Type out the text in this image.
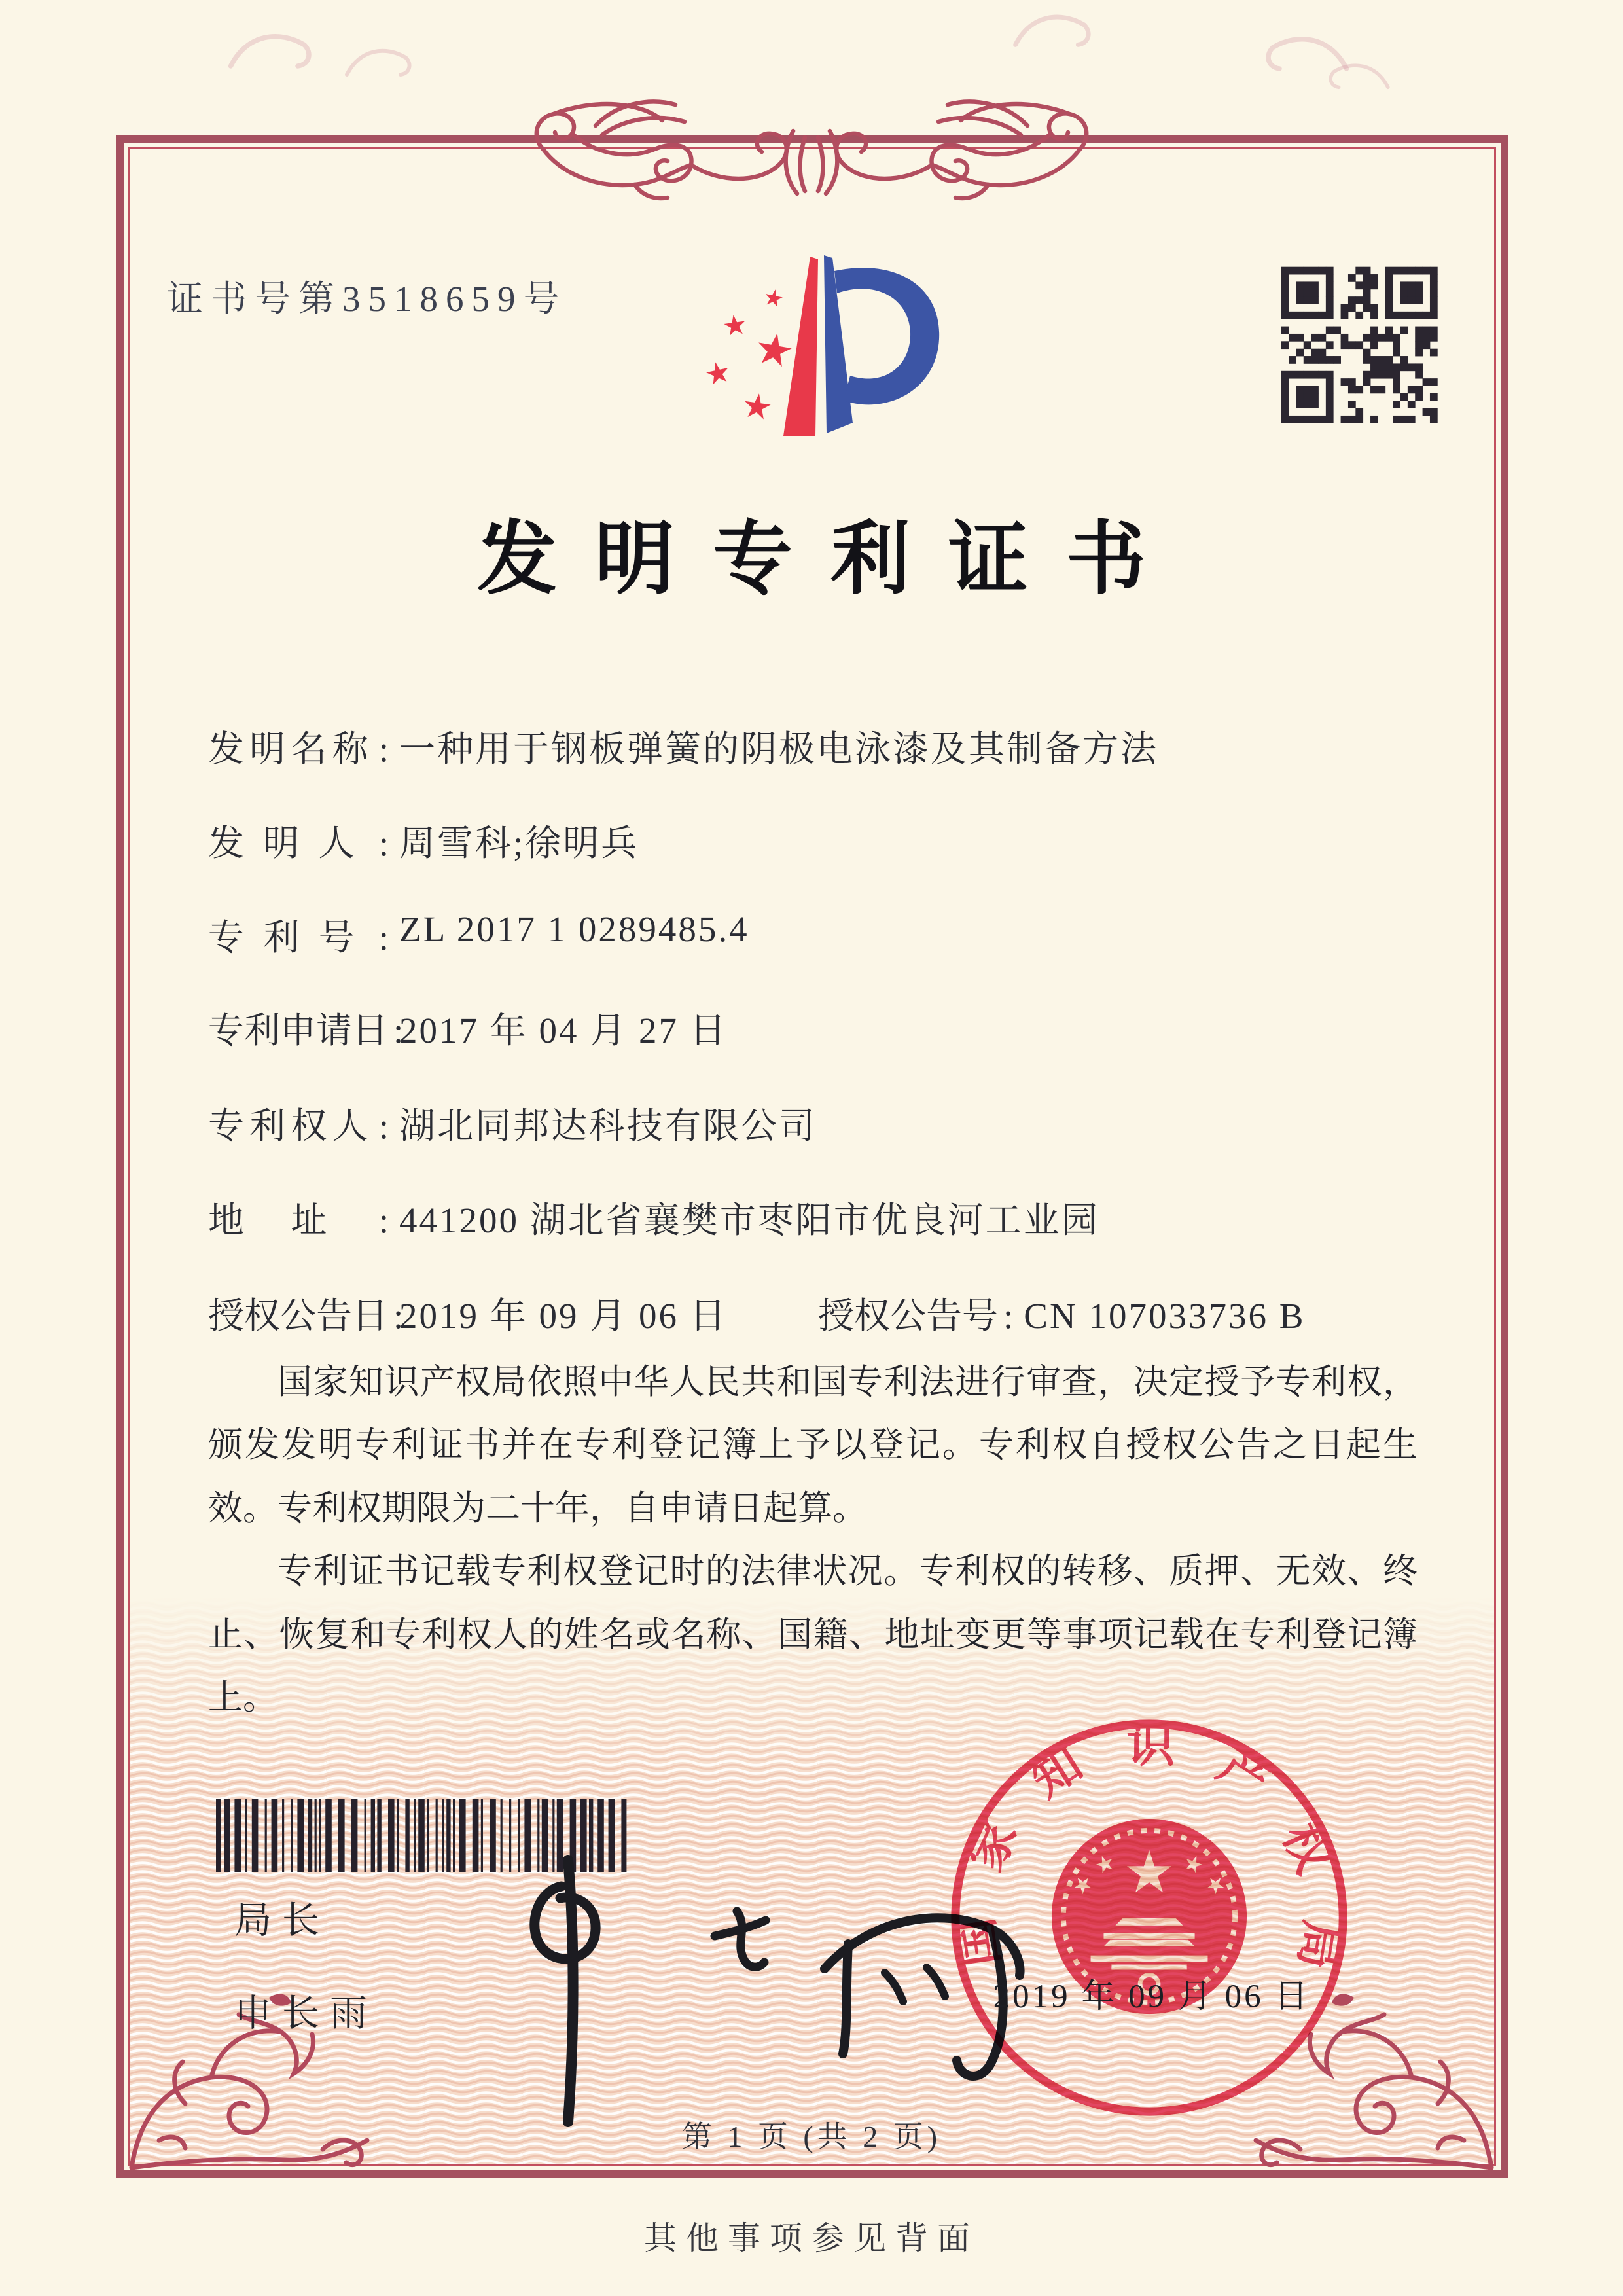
证书号第3518659号
发明专利证书
发明名称 : 一种用于钢板弹簧的阴极电泳漆及其制备方法
发明人 : 周雪科;徐明兵
专利号 : ZL 2017 1 0289485.4
专利申请日 : 2017 年 04 月 27 日
专利权人 : 湖北同邦达科技有限公司
地址 : 441200 湖北省襄樊市枣阳市优良河工业园
授权公告日 : 2019 年 09 月 06 日	授权公告号 : CN 107033736 B

国家知识产权局依照中华人民共和国专利法进行审查，决定授予专利权，颁发发明专利证书并在专利登记簿上予以登记。专利权自授权公告之日起生效。专利权期限为二十年，自申请日起算。

专利证书记载专利权登记时的法律状况。专利权的转移、质押、无效、终止、恢复和专利权人的姓名或名称、国籍、地址变更等事项记载在专利登记簿上。

局长
申长雨
国家知识产权局
2019 年 09 月 06 日
第 1 页 (共 2 页)
其他事项参见背面
